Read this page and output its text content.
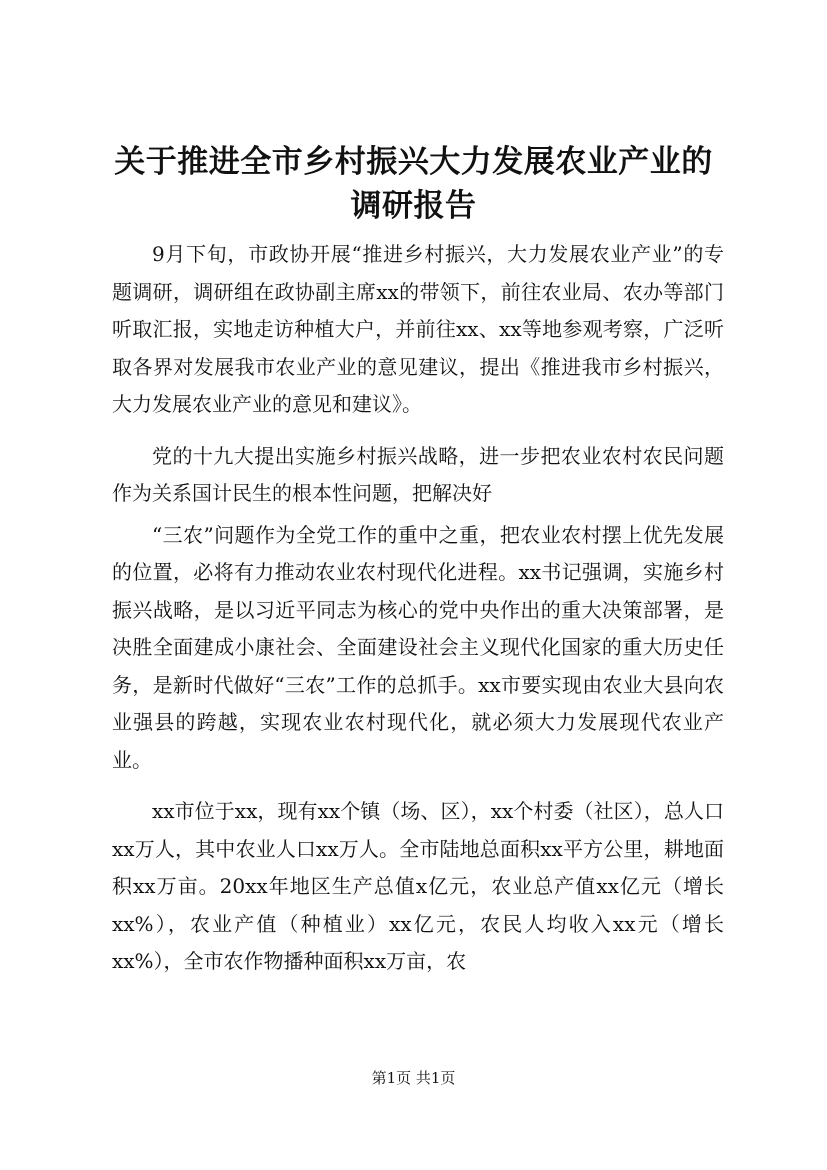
关于推进全市乡村振兴大力发展农业产业的调研报告

9月下旬，市政协开展“推进乡村振兴，大力发展农业产业”的专题调研，调研组在政协副主席xx的带领下，前往农业局、农办等部门听取汇报，实地走访种植大户，并前往xx、xx等地参观考察，广泛听取各界对发展我市农业产业的意见建议，提出《推进我市乡村振兴，大力发展农业产业的意见和建议》。

党的十九大提出实施乡村振兴战略，进一步把农业农村农民问题作为关系国计民生的根本性问题，把解决好

“三农”问题作为全党工作的重中之重，把农业农村摆上优先发展的位置，必将有力推动农业农村现代化进程。xx书记强调，实施乡村振兴战略，是以习近平同志为核心的党中央作出的重大决策部署，是决胜全面建成小康社会、全面建设社会主义现代化国家的重大历史任务，是新时代做好“三农”工作的总抓手。xx市要实现由农业大县向农业强县的跨越，实现农业农村现代化，就必须大力发展现代农业产业。

xx市位于xx，现有xx个镇（场、区），xx个村委（社区），总人口xx万人，其中农业人口xx万人。全市陆地总面积xx平方公里，耕地面积xx万亩。20xx年地区生产总值x亿元，农业总产值xx亿元（增长xx%），农业产值（种植业）xx亿元，农民人均收入xx元（增长xx%），全市农作物播种面积xx万亩，农

第1页 共1页
